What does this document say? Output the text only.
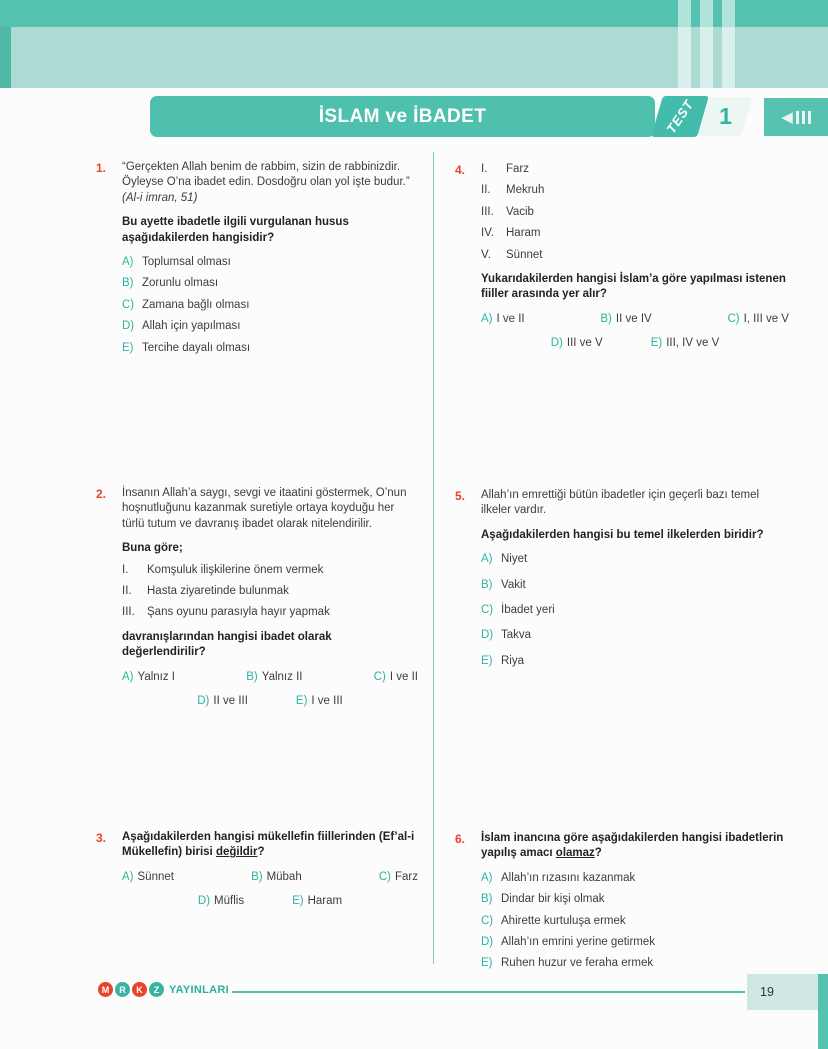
İSLAM ve İBADET	TEST 1	◀
1.	“Gerçekten Allah benim de rabbim, sizin de rabbinizdir. Öyleyse O’na ibadet edin. Dosdoğru olan yol işte budur.” (Al-i imran, 51)

Bu ayette ibadetle ilgili vurgulanan husus aşağıdakilerden hangisidir?

A) Toplumsal olması
B) Zorunlu olması
C) Zamana bağlı olması
D) Allah için yapılması
E) Tercihe dayalı olması
2.	İnsanın Allah’a saygı, sevgi ve itaatini göstermek, O’nun hoşnutluğunu kazanmak suretiyle ortaya koyduğu her türlü tutum ve davranış ibadet olarak nitelendirilir.

Buna göre;

I.	Komşuluk ilişkilerine önem vermek
II.	Hasta ziyaretinde bulunmak
III.	Şans oyunu parasıyla hayır yapmak

davranışlarından hangisi ibadet olarak değerlendirilir?

A) Yalnız I	B) Yalnız II	C) I ve II
D) II ve III	E) I ve III
3.	Aşağıdakilerden hangisi mükellefin fiillerinden (Ef’al-i Mükellefin) birisi değildir?

A) Sünnet	B) Mübah	C) Farz
D) Müflis	E) Haram
4.	I.	Farz
II.	Mekruh
III.	Vacib
IV.	Haram
V.	Sünnet

Yukarıdakilerden hangisi İslam’a göre yapılması istenen fiiller arasında yer alır?

A) I ve II	B) II ve IV	C) I, III ve V
D) III ve V	E) III, IV ve V
5.	Allah’ın emrettiği bütün ibadetler için geçerli bazı temel ilkeler vardır.

Aşağıdakilerden hangisi bu temel ilkelerden biridir?

A) Niyet
B) Vakit
C) İbadet yeri
D) Takva
E) Riya
6.	İslam inancına göre aşağıdakilerden hangisi ibadetlerin yapılış amacı olamaz?

A) Allah’ın rızasını kazanmak
B) Dindar bir kişi olmak
C) Ahirette kurtuluşa ermek
D) Allah’ın emrini yerine getirmek
E) Ruhen huzur ve feraha ermek
M	R	K	Z YAYINLARI	19
